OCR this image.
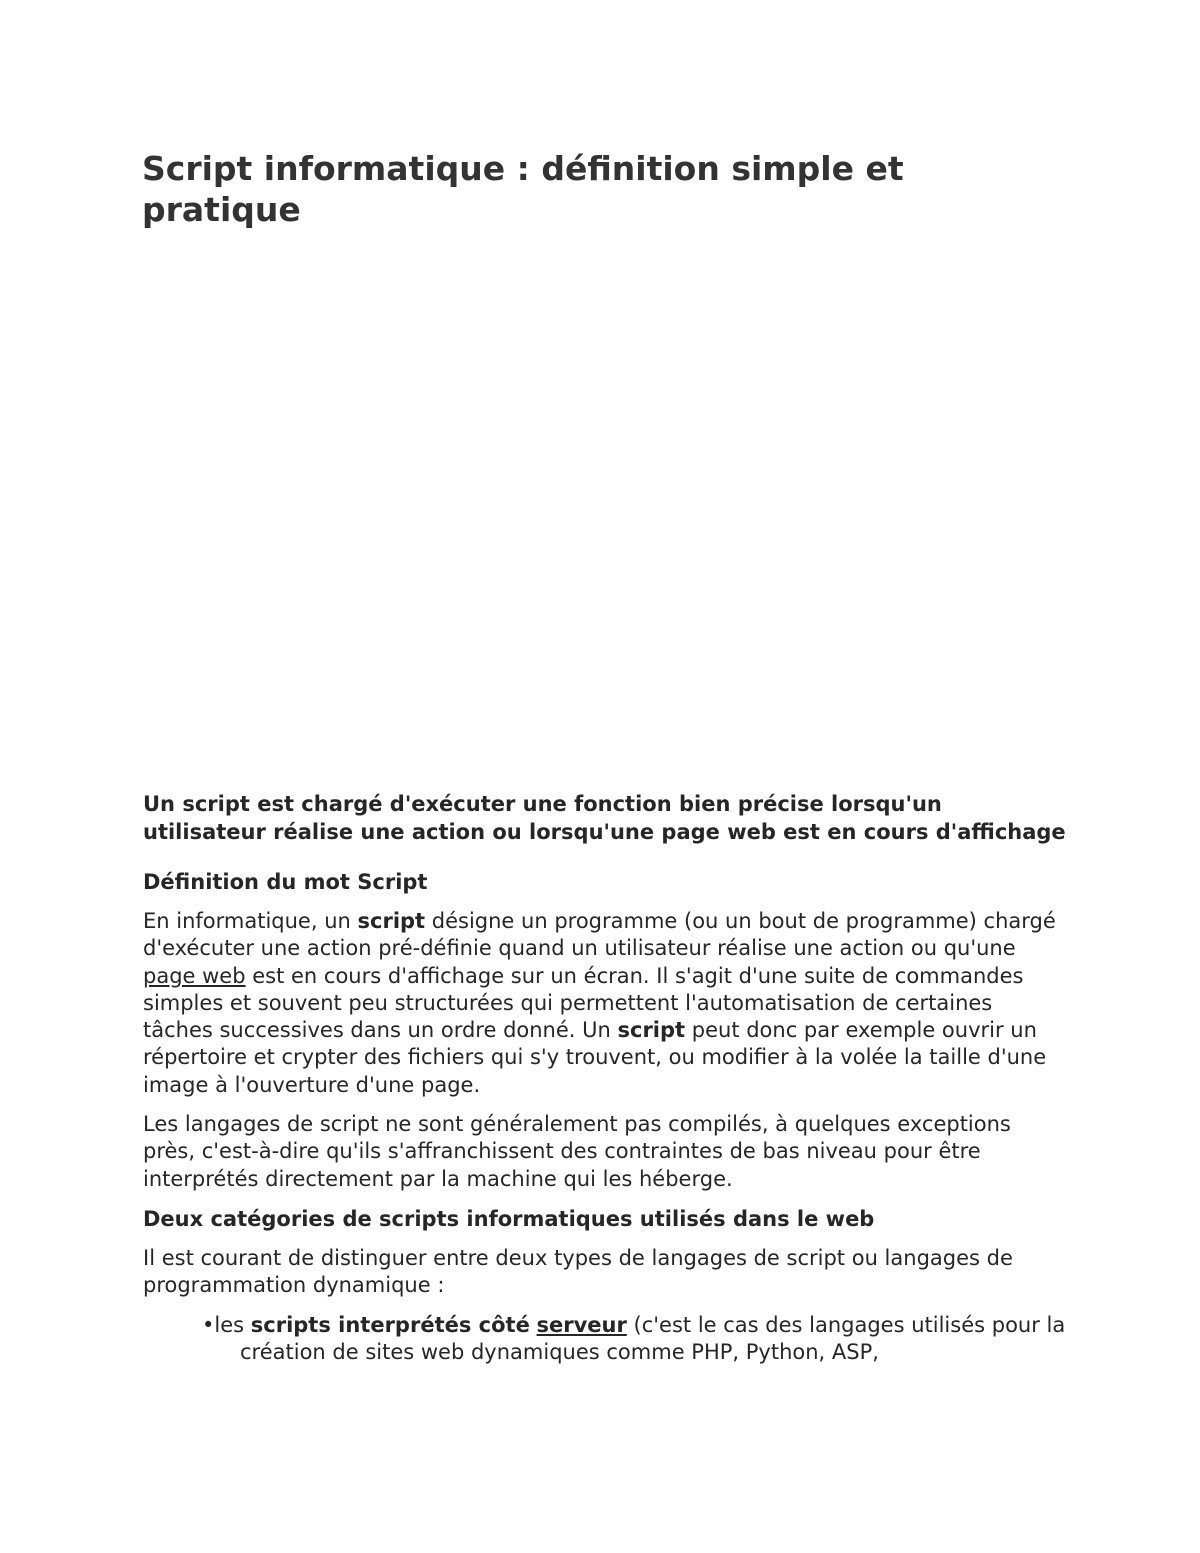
Script informatique : définition simple et pratique

Un script est chargé d'exécuter une fonction bien précise lorsqu'un utilisateur réalise une action ou lorsqu'une page web est en cours d'affichage

Définition du mot Script

En informatique, un script désigne un programme (ou un bout de programme) chargé d'exécuter une action pré-définie quand un utilisateur réalise une action ou qu'une page web est en cours d'affichage sur un écran. Il s'agit d'une suite de commandes simples et souvent peu structurées qui permettent l'automatisation de certaines tâches successives dans un ordre donné. Un script peut donc par exemple ouvrir un répertoire et crypter des fichiers qui s'y trouvent, ou modifier à la volée la taille d'une image à l'ouverture d'une page.

Les langages de script ne sont généralement pas compilés, à quelques exceptions près, c'est-à-dire qu'ils s'affranchissent des contraintes de bas niveau pour être interprétés directement par la machine qui les héberge.

Deux catégories de scripts informatiques utilisés dans le web

Il est courant de distinguer entre deux types de langages de script ou langages de programmation dynamique :

•les scripts interprétés côté serveur (c'est le cas des langages utilisés pour la création de sites web dynamiques comme PHP, Python, ASP,
